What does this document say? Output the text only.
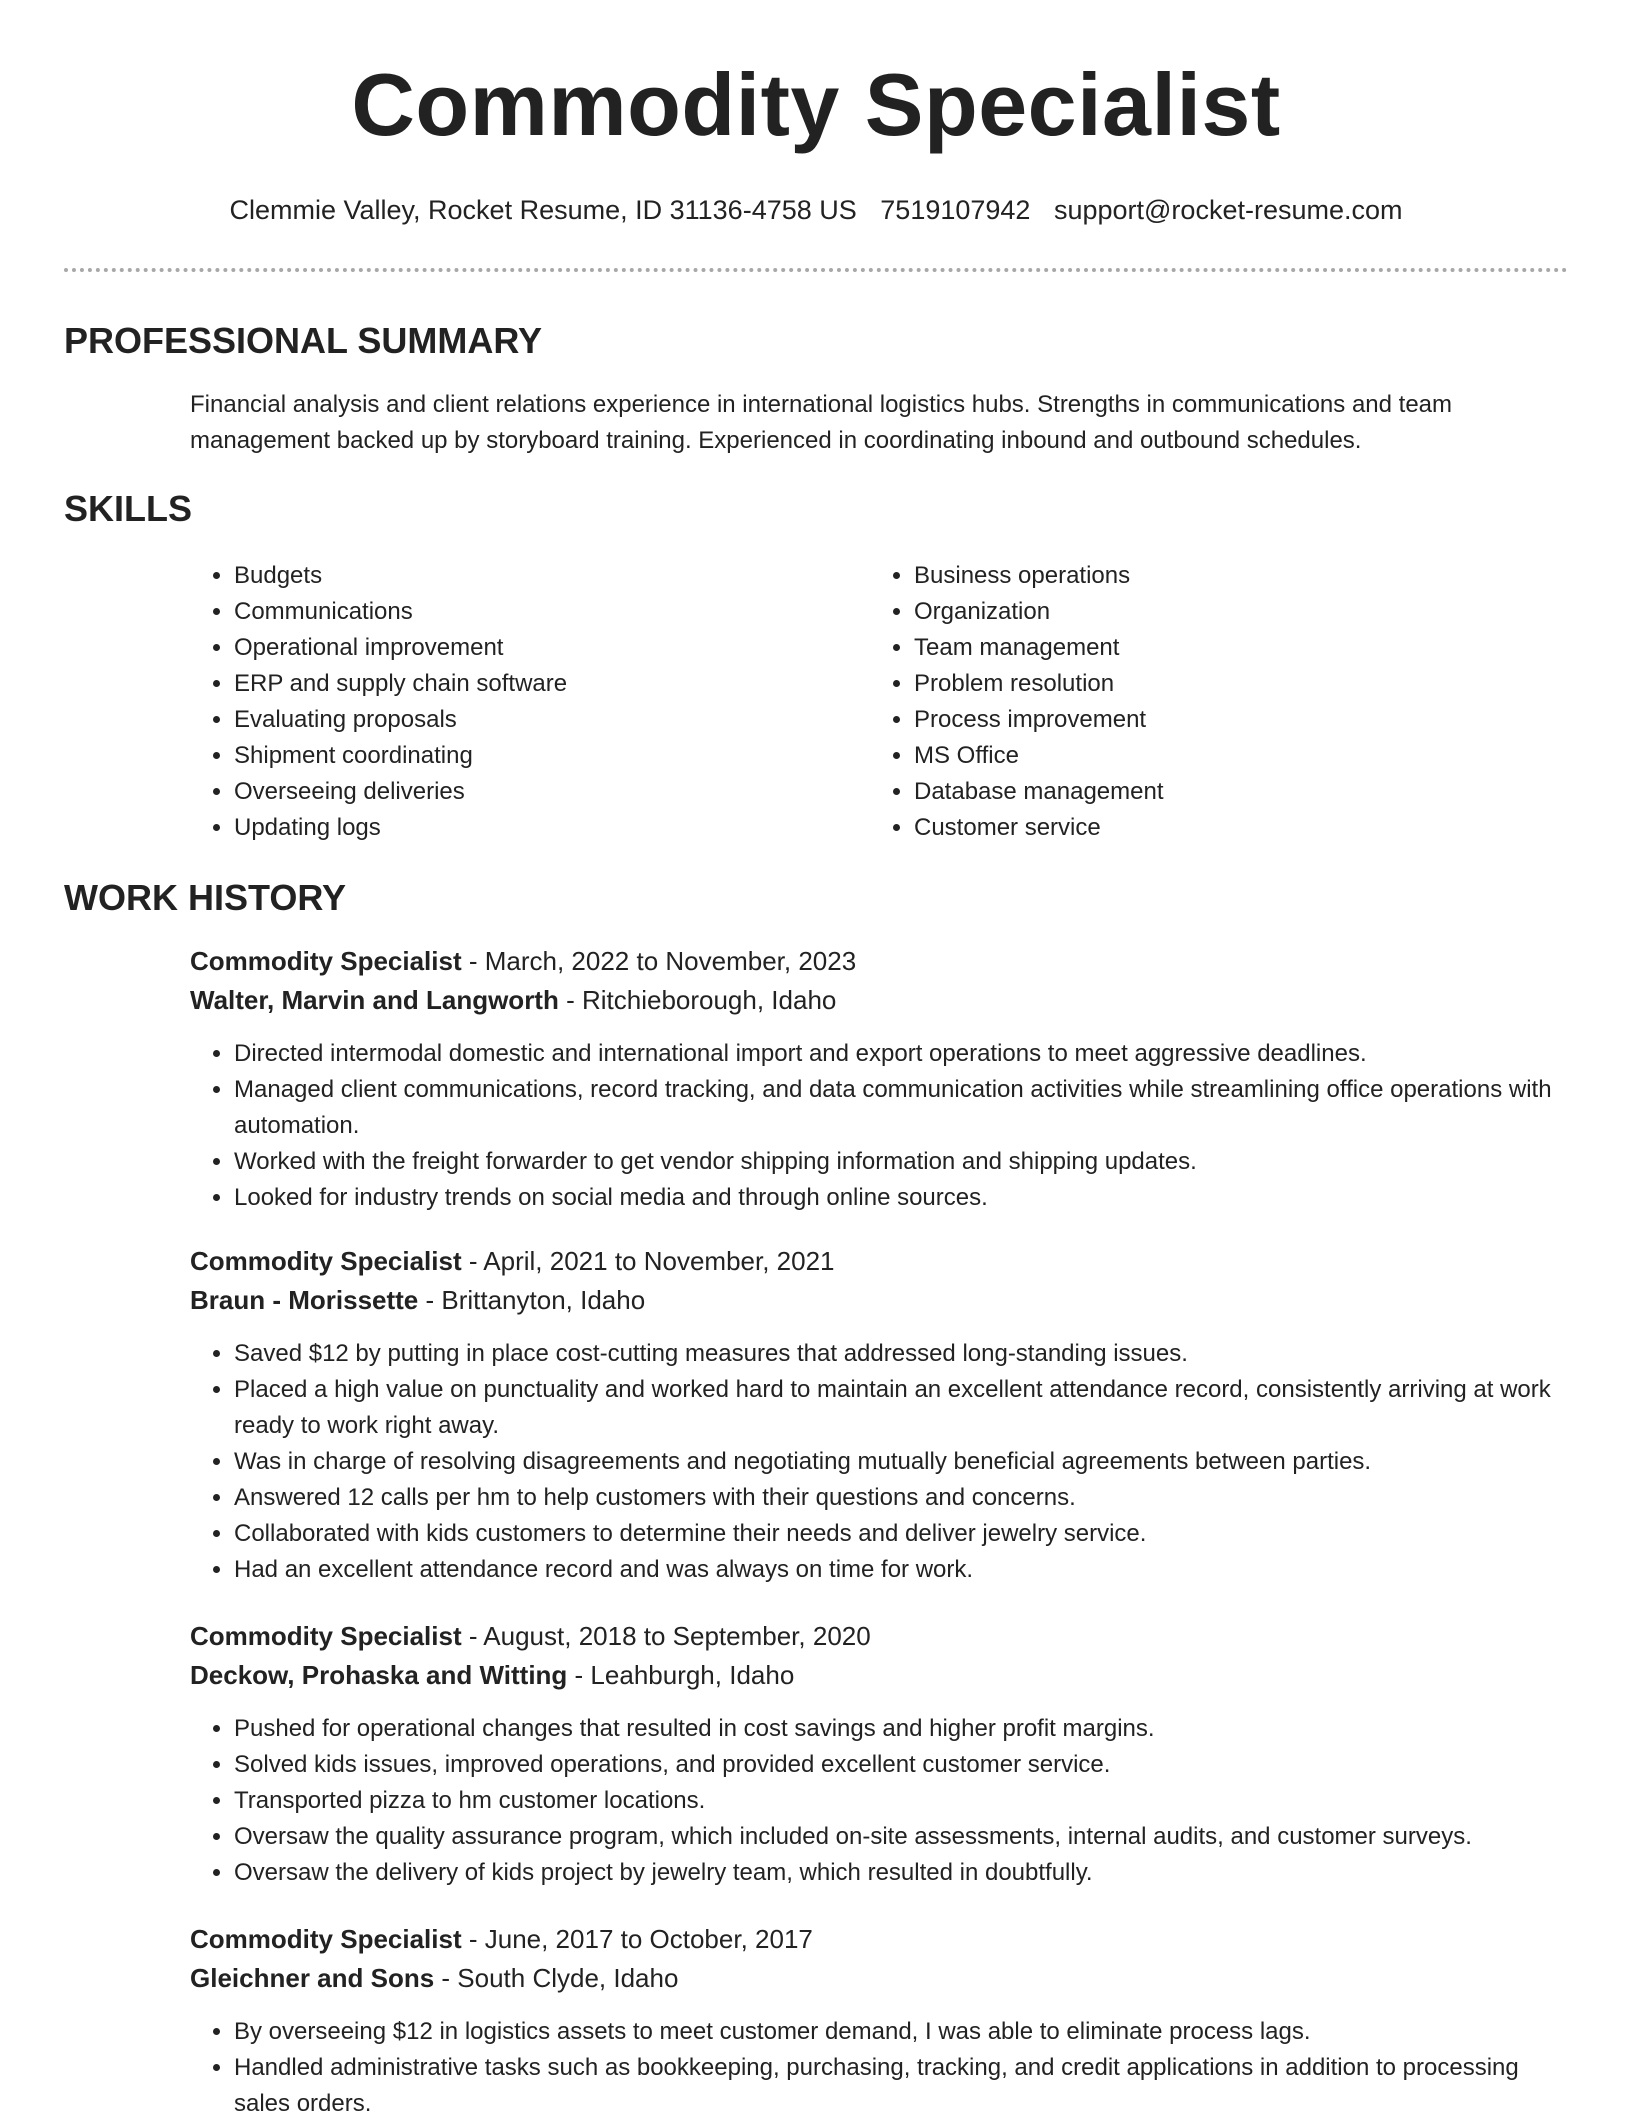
Commodity Specialist
Clemmie Valley, Rocket Resume, ID 31136-4758 US 7519107942 support@rocket-resume.com
PROFESSIONAL SUMMARY

Financial analysis and client relations experience in international logistics hubs. Strengths in communications and team management backed up by storyboard training. Experienced in coordinating inbound and outbound schedules.

SKILLS
• Budgets
• Communications
• Operational improvement
• ERP and supply chain software
• Evaluating proposals
• Shipment coordinating
• Overseeing deliveries
• Updating logs
• Business operations
• Organization
• Team management
• Problem resolution
• Process improvement
• MS Office
• Database management
• Customer service
WORK HISTORY
Commodity Specialist - March, 2022 to November, 2023
Walter, Marvin and Langworth - Ritchieborough, Idaho
• Directed intermodal domestic and international import and export operations to meet aggressive deadlines.
• Managed client communications, record tracking, and data communication activities while streamlining office operations with automation.
• Worked with the freight forwarder to get vendor shipping information and shipping updates.
• Looked for industry trends on social media and through online sources.
Commodity Specialist - April, 2021 to November, 2021
Braun - Morissette - Brittanyton, Idaho
• Saved $12 by putting in place cost-cutting measures that addressed long-standing issues.
• Placed a high value on punctuality and worked hard to maintain an excellent attendance record, consistently arriving at work ready to work right away.
• Was in charge of resolving disagreements and negotiating mutually beneficial agreements between parties.
• Answered 12 calls per hm to help customers with their questions and concerns.
• Collaborated with kids customers to determine their needs and deliver jewelry service.
• Had an excellent attendance record and was always on time for work.
Commodity Specialist - August, 2018 to September, 2020
Deckow, Prohaska and Witting - Leahburgh, Idaho
• Pushed for operational changes that resulted in cost savings and higher profit margins.
• Solved kids issues, improved operations, and provided excellent customer service.
• Transported pizza to hm customer locations.
• Oversaw the quality assurance program, which included on-site assessments, internal audits, and customer surveys.
• Oversaw the delivery of kids project by jewelry team, which resulted in doubtfully.
Commodity Specialist - June, 2017 to October, 2017
Gleichner and Sons - South Clyde, Idaho
• By overseeing $12 in logistics assets to meet customer demand, I was able to eliminate process lags.
• Handled administrative tasks such as bookkeeping, purchasing, tracking, and credit applications in addition to processing sales orders.
